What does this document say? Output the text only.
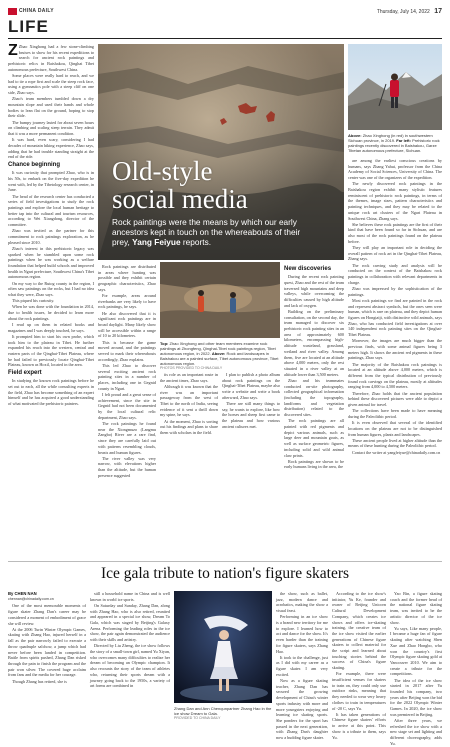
CHINA DAILY	Thursday, July 14, 2022 17
LIFE

Z Zhao Xinghong had a few stone-climbing bruises to show for his recent expeditions to search for ancient rock paintings and prehistoric relics in Baishakou, Qinghai Tibet autonomous prefecture, Southwest China.

Some places were really hard to reach, and we had to tie a rope first and scale the steep rock face, using a gymnastics pole with a steep cliff on one side, Zhao says.

Zhao's team members tumbled down a dry mountain slope and used their hands and whole bodies to lean flat on the ground, hoping to stop their slide.

The bumpy journey lasted for about seven hours on climbing and scaling steep terrain. They admit that it was a more permanent condition.

It was hard, even scary, considering I had decades of mountain hiking experience, Zhao says, adding that he had trouble standing straight at the end of the ride.

Chance beginning

It was curiosity that prompted Zhao, who is in his 50s, to embark on the five-day expedition he went with, led by the Tibetology research center, in June.

The head of the research center has conducted a series of field investigations to study the rock paintings and explore the local human heritage to better tap into the cultural and tourism resources, according to Wei Xiangdong, director of the committee.

Zhao was invited as the partner for this commitment to rock paintings exploration, as he pleased since 2010.

Zhao's interest in this prehistoric legacy was sparked when he stumbled upon some rock paintings when he was working as a welfare foundation that helped build schools and improved health in Ngari prefecture, Southwest China's Tibet autonomous region.

On my way to the Rutog county in the region, I often saw paintings on the rocks, but I had no idea what they were, Zhao says.

This piqued his curiosity.

When he was done with the foundation in 2014, due to health issues, he decided to learn more about the rock paintings.

I read up on them in related books and magazines and I was deeply touched, he says.

It prompted him to start his own probe, which took him to the plateau in Tibet. He further expanded his reach into the western, central and eastern parts of the Qinghai-Tibet Plateau, where he had failed to previously locate Qinghai-Tibet Plateau, known as Hoxil, located in the area.

Field expert

In studying the known rock paintings before he set out to each, all the while consulting experts in the field, Zhao has become something of an expert himself and he has acquired a good understanding of what motivated the prehistoric painters.

Old-style
social media
Rock paintings were the means by which our early ancestors kept in touch on the whereabouts of their prey, Yang Feiyue reports.
Above: Zhao Xinghong (in red) in southwestern Sichuan province, in 2019. Far left: Prehistoric rock paintings recently discovered in Baishakou, Garze Tibetan autonomous prefecture, Sichuan.

are among the earliest conscious creations by humans, says Zhang Yahui, professor from the China Academy of Social Sciences, University of China. The center was one of the organizers of the expedition.

The newly discovered rock paintings in the Baishakou region exhibit many stylistic features reminiscent of prehistoric rock paintings, in terms of the themes, image sizes, pattern characteristics and painting techniques, and they may be related to the unique rock art clusters of the Ngari Plateau in Southwest China, Zhang says.

She believes these rock paintings are the first of their kind that have been found so far in Sichuan, and are also most of the rock paintings found on the plateau before.

They will play an important role in deciding the overall pattern of rock art in the Qinghai-Tibet Plateau, Zhang says.

The rock carving study and analysis will be conducted on the context of the Baishakou rock paintings in collaboration with relevant departments in charge.

Zhao was impressed by the sophistication of the paintings.

Most rock paintings we find are painted in the rock and represent abstract symbols, but the ones seen were human, which is rare on plateau, and they depict human figures on Hongtaiji, with distinctive wild animals, says Zhao, who has conducted field investigations at over 140 independent rock painting sites on the Qinghai-Tibet Plateau.

Moreover, the images are much bigger than the previous finds, with some animal figures being 3 meters high. It shows the ancient red pigments in these paintings, Zhao says.

The majority of the Baishakou rock paintings is located at an altitude above 4,000 meters, which is different from the typical distribution of previously found rock carvings on the plateau, mostly at altitudes ranging from 4,000 to 4,500 meters.

Therefore, Zhao holds that the ancient population behind these discovered pictures were able to depict a given animal for travel.

The collections have been made to have meaning during the Paleolithic period.

It is even observed that several of the identified locations on the plateau are not to be distinguished from human figures, plants and landscapes.

These ancient people lived at higher altitude than the means of these hunting during the Paleolithic period.

Contact the writer at yangfeiyue@chinadaily.com.cn

Rock paintings are distributed in areas where hunting was possible and they exhibit certain geographic characteristics, Zhao says.

For example, areas around riverbanks are very likely to have rock paintings, he says.

He also discovered that it is significant rock paintings are in broad daylight. Many likely show will be accessible within a range of 10 to 20 kilometers.

This is because the game moved around, and the paintings served to mark their whereabouts accordingly, Zhao explains.

This led Zhao to discover several exciting ancient rock painting sites in a number of places, including one in Gegnid county in Ngari.

I felt proud and a great sense of achievement, since the site in Gegnid had not been documented by the local cultural relic department, Zhao says.

The rock paintings he found near the Xiongmuzo (Langmu Zangbo) River are a rare find, since they are carefully laid out with patterns resembling clouds, beasts and human figures.

The river valley was very narrow, with elevations higher than the altitude, but the human presence suggested

Top: Zhao Xinghong and other team members examine rock paintings at Zhongfeng, Qinghai-Tibet rock paintings region, Tibet autonomous region, in 2022. Above: Rock and landscapes in Baishakou are a painted surface, Tibet autonomous province, Tibet autonomous region.
PHOTOS PROVIDED TO CHINA DAILY

its role as an important route in the ancient times, Zhao says.

Although it was known that the river was an important passageway from the west of Tibet to the north of India, seeing evidence of it sent a thrill down my spine, he says.

At the moment, Zhao is sorting out his findings and plans to share them with scholars in the field.

I plan to publish a photo album about rock paintings on the Qinghai-Tibet Plateau, maybe also write a website and write a book afterward, Zhao says.

There are still many things to say, he wants to explore, like how the horses and sheep first came to the plateau and how various ancient cultures met.

New discoveries

During the recent rock painting quest, Zhao and the rest of the team traversed high mountains and deep valleys, while overcoming the difficulties caused by high altitude and lack of oxygen.

Building on the preliminary consultation, on the second day, the team managed to discover six prehistoric rock painting sites in an area of approximately 600 kilometers, encompassing high-altitude wasteland, grassland, wetland and river valley. Among them, five are located at an altitude above 4,000 meters, only the rest situated in a river valley at an altitude lower than 3,500 meters.

Zhao and his teammates conducted on-site photography, collected geographical information (including the topography, landforms and vegetation distribution) related to the discovered sites.

The rock paintings are all painted with red pigments and depict various animals, such as large deer and mountain goats, as well as surface geometric figures, including solid and wild animal claw prints.

Rock paintings are shown to be early humans living in the area, the

Ice gala tribute to nation's figure skaters

By CHEN NAN

chennan@chinadaily.com.cn

One of the most memorable moments of figure skater Zhang Dan's career may be considered a moment of embodiment of grace she will review.

At the 2006 Turin Winter Olympic Games, skating with Zhang Hao, injured herself in a fall as the pair narrowly failed to execute a throw quadruple salchow, a jump which had never before been landed in competition. Battle from spirits pushed, Zhang Dan risked through the pain to finish the program and the pair won silver. The covered huge acclaim from fans and the media for her courage.

Though Zhang has retired, she is

still a household name in China and is well known in world ice sports.

On Saturday and Sunday, Zhang Dan, along with Zhang Hao, who is also retired, reunited and appeared in a special ice show, Dream To Gala, which was staged by Beijing's Galaxy Arena. Performing the leading roles in the ice show, the pair again demonstrated the audience with their skills and artistry.

Directed by Liu Zheng, the ice show follows the story of a small-town girl, named Yu Xiyan, who overcomes many difficulties to realize her dream of becoming an Olympic champion. It also recounts the story of the team of athletes who, returning their sports dream with a journey going back to the 1950s, a variety of art forms are combined in

Zhang Dan and Ann Chenqunpartner Zhang Hao in the ice show Dream to Gala.
PROVIDED TO CHINA DAILY

the show, such as ballet, jazz, modern dance and acrobatics, making the show a visual feast.

Performing in an ice show is a brand new territory for me to explore. I learned how to act and dance for the show. It's even harder than the training for figure skaters, says Zhang Hao.

It took to the challenge, just as I did with my career as a figure skater. I am very excited.

Now as a figure skating teacher, Zhang Dan has secured the growing development of China's winter sports industry with more and more youngsters enjoying and learning ice skating sports. She ponders for the sport has passed in the next generation, with Zhang Dan's daughter now a budding figure skater.

According to the ice show's initiator, Yu Ke, founder and owner of Beijing Unicorn Cultural Development Company, which creates ice shows and offers ice-skating training, the creative team of the ice show visited the earlier generations of Chinese figure skaters to collect material for the script and learned about touching stories behind the success of China's figure skating.

For example, there were insufficient venues for skaters to train on, they could only use outdoor rinks, meaning that they needed to wear very heavy clothes to train in temperatures of -20 C, says Yu.

It has taken generations of Chinese figure skaters' efforts to arrive at this point. This show is a tribute to them, says Yu.

Yao Bin, a figure skating coach and the former head of the national figure skating team, was invited to be the artistic director of the ice show.

Yu says, Like many people, I became a huge fan of figure skating after watching Shen Xue and Zhao Hongbo, who won the country's first Olympic figure skating gold at Vancouver 2010. We aim to create a tribute for the competitions.

The idea of the ice show started in 2017 after Yu founded his company, two years after Beijing won the bid for the 2022 Olympic Winter Games. In 2020, the ice show was premiered in Beijing.

After three years, we refreshed the ice show with a new stage set and lighting and different choreography, adds Yu.
